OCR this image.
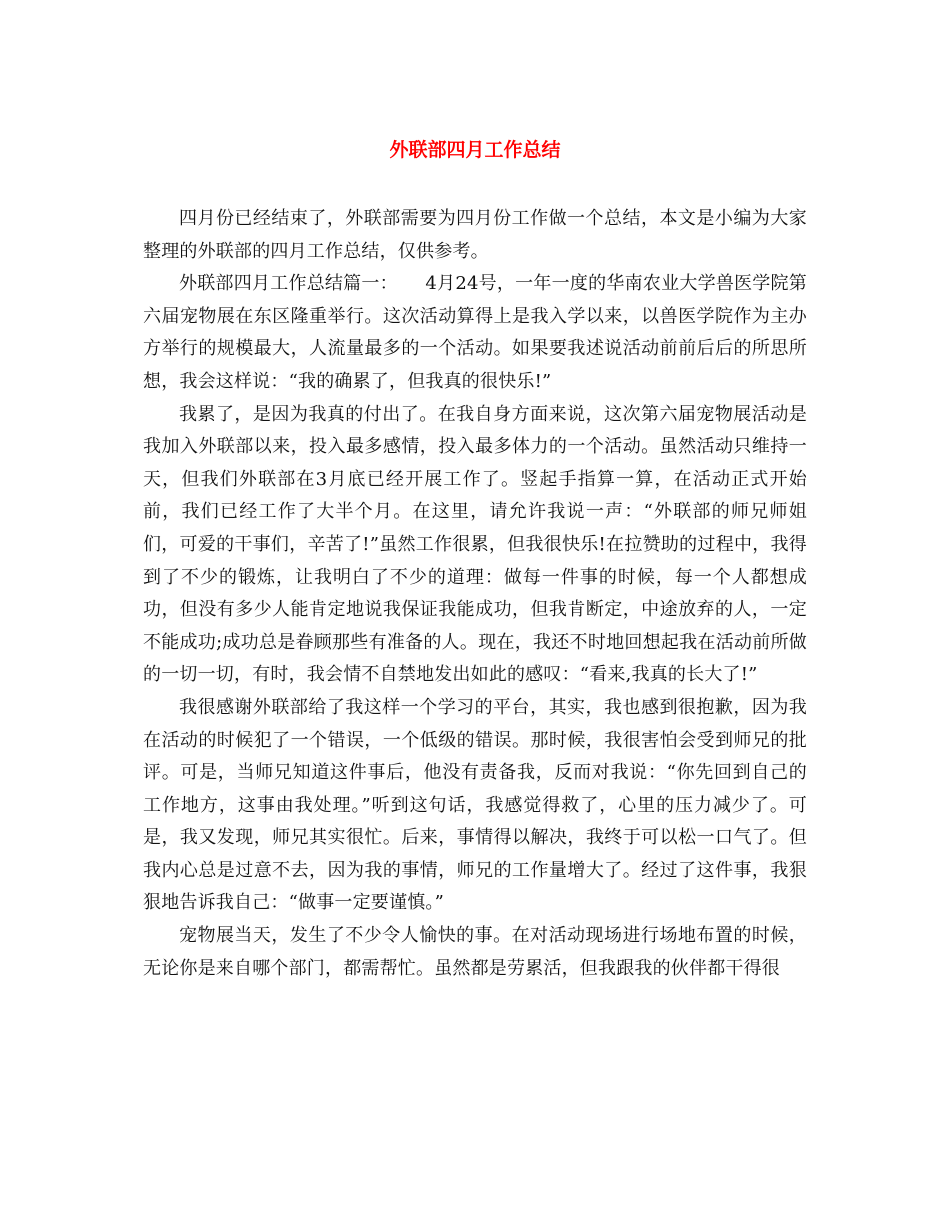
外联部四月工作总结

四月份已经结束了，外联部需要为四月份工作做一个总结，本文是小编为大家整理的外联部的四月工作总结，仅供参考。

外联部四月工作总结篇一：　　4月24号，一年一度的华南农业大学兽医学院第六届宠物展在东区隆重举行。这次活动算得上是我入学以来，以兽医学院作为主办方举行的规模最大，人流量最多的一个活动。如果要我述说活动前前后后的所思所想，我会这样说：“我的确累了，但我真的很快乐!”

我累了，是因为我真的付出了。在我自身方面来说，这次第六届宠物展活动是我加入外联部以来，投入最多感情，投入最多体力的一个活动。虽然活动只维持一天，但我们外联部在3月底已经开展工作了。竖起手指算一算，在活动正式开始前，我们已经工作了大半个月。在这里，请允许我说一声：“外联部的师兄师姐们，可爱的干事们，辛苦了!”虽然工作很累，但我很快乐!在拉赞助的过程中，我得到了不少的锻炼，让我明白了不少的道理：做每一件事的时候，每一个人都想成功，但没有多少人能肯定地说我保证我能成功，但我肯断定，中途放弃的人，一定不能成功;成功总是眷顾那些有准备的人。现在，我还不时地回想起我在活动前所做的一切一切，有时，我会情不自禁地发出如此的感叹：“看来,我真的长大了!”

我很感谢外联部给了我这样一个学习的平台，其实，我也感到很抱歉，因为我在活动的时候犯了一个错误，一个低级的错误。那时候，我很害怕会受到师兄的批评。可是，当师兄知道这件事后，他没有责备我，反而对我说：“你先回到自己的工作地方，这事由我处理。”听到这句话，我感觉得救了，心里的压力减少了。可是，我又发现，师兄其实很忙。后来，事情得以解决，我终于可以松一口气了。但我内心总是过意不去，因为我的事情，师兄的工作量增大了。经过了这件事，我狠狠地告诉我自己：“做事一定要谨慎。”

宠物展当天，发生了不少令人愉快的事。在对活动现场进行场地布置的时候，无论你是来自哪个部门，都需帮忙。虽然都是劳累活，但我跟我的伙伴都干得很
